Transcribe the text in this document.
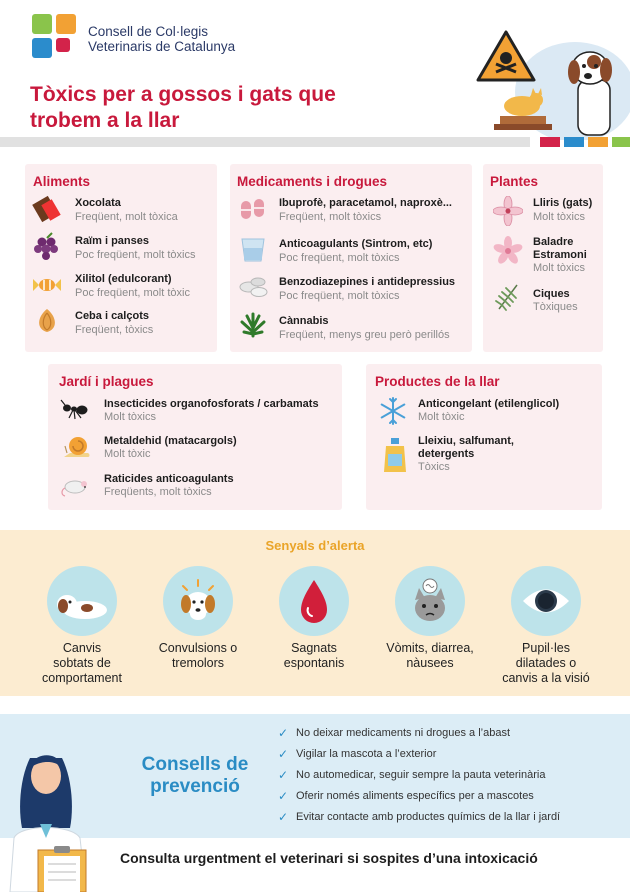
Consell de Col·legis
Veterinaris de Catalunya
Tòxics per a gossos i gats que
trobem a la llar
Aliments
Xocolata
Freqüent, molt tòxica
Raïm i panses
Poc freqüent, molt tòxics
Xilitol (edulcorant)
Poc freqüent, molt tòxic
Ceba i calçots
Freqüent, tòxics
Medicaments i drogues
Ibuprofè, paracetamol, naproxè...
Freqüent, molt tòxics
Anticoagulants (Sintrom, etc)
Poc freqüent, molt tòxics
Benzodiazepines i antidepressius
Poc freqüent, molt tòxics
Cànnabis
Freqüent, menys greu però perillós
Plantes
Lliris (gats)
Molt tòxics
Baladre
Estramoni
Molt tòxics
Ciques
Tòxiques
Jardí i plagues
Insecticides organofosforats / carbamats
Molt tòxics
Metaldehid (matacargols)
Molt tòxic
Raticides anticoagulants
Freqüents, molt tòxics
Productes de la llar
Anticongelant (etilenglicol)
Molt tòxic
Lleixiu, salfumant,
detergents
Tòxics
Senyals d’alerta
Canvis
sobtats de
comportament
Convulsions o
tremolors
Sagnats
espontanis
Vòmits, diarrea,
nàusees
Pupil·les
dilatades o
canvis a la visió
Consells de
prevenció
✓ No deixar medicaments ni drogues a l’abast
✓ Vigilar la mascota a l’exterior
✓ No automedicar, seguir sempre la pauta veterinària
✓ Oferir només aliments específics per a mascotes
✓ Evitar contacte amb productes químics de la llar i jardí
Consulta urgentment el veterinari si sospites d’una intoxicació
